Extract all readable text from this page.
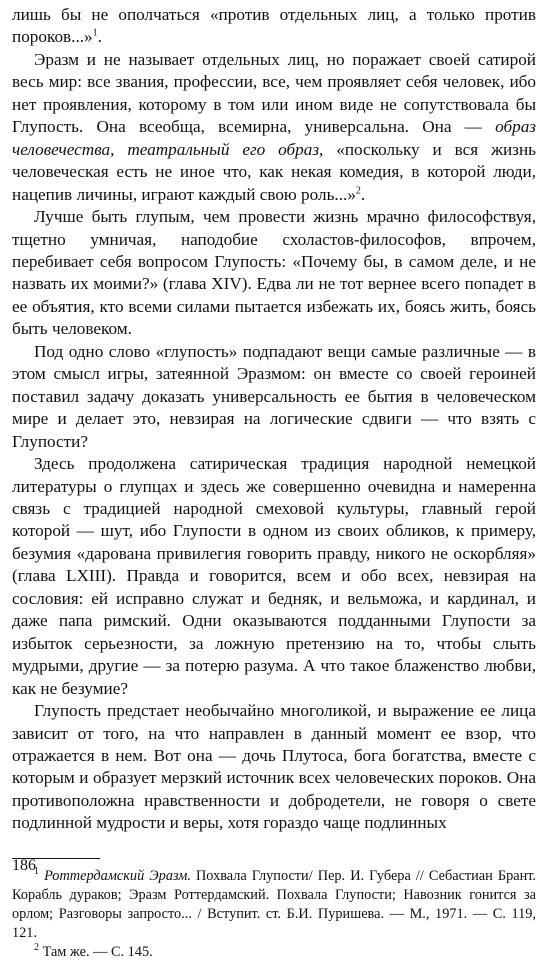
лишь бы не ополчаться «против отдельных лиц, а только против пороков...»$^1$.

Эразм и не называет отдельных лиц, но поражает своей сатирой весь мир: все звания, профессии, все, чем проявляет себя человек, ибо нет проявления, которому в том или ином виде не сопутствовала бы Глупость. Она всеобща, всемирна, универсальна. Она — образ человечества, театральный его образ, «поскольку и вся жизнь человеческая есть не иное что, как некая комедия, в которой люди, нацепив личины, играют каждый свою роль...»$^2$.

Лучше быть глупым, чем провести жизнь мрачно философствуя, тщетно умничая, наподобие схоластов-философов, впрочем, перебивает себя вопросом Глупость: «Почему бы, в самом деле, и не назвать их моими?» (глава XIV). Едва ли не тот вернее всего попадет в ее объятия, кто всеми силами пытается избежать их, боясь жить, боясь быть человеком.

Под одно слово «глупость» подпадают вещи самые различные — в этом смысл игры, затеянной Эразмом: он вместе со своей героиней поставил задачу доказать универсальность ее бытия в человеческом мире и делает это, невзирая на логические сдвиги — что взять с Глупости?

Здесь продолжена сатирическая традиция народной немецкой литературы о глупцах и здесь же совершенно очевидна и намеренна связь с традицией народной смеховой культуры, главный герой которой — шут, ибо Глупости в одном из своих обликов, к примеру, безумия «дарована привилегия говорить правду, никого не оскорбляя» (глава LXIII). Правда и говорится, всем и обо всех, невзирая на сословия: ей исправно служат и бедняк, и вельможа, и кардинал, и даже папа римский. Одни оказываются подданными Глупости за избыток серьезности, за ложную претензию на то, чтобы слыть мудрыми, другие — за потерю разума. А что такое блаженство любви, как не безумие?

Глупость предстает необычайно многоликой, и выражение ее лица зависит от того, на что направлен в данный момент ее взор, что отражается в нем. Вот она — дочь Плутоса, бога богатства, вместе с которым и образует мерзкий источник всех человеческих пороков. Она противоположна нравственности и добродетели, не говоря о свете подлинной мудрости и веры, хотя гораздо чаще подлинных

$^1$ Роттердамский Эразм. Похвала Глупости/ Пер. И. Губера // Себастиан Брант. Корабль дураков; Эразм Роттердамский. Похвала Глупости; Навозник гонится за орлом; Разговоры запросто... / Вступит. ст. Б.И. Пуришева. — М., 1971. — С. 119, 121.

$^2$ Там же. — С. 145.

186
